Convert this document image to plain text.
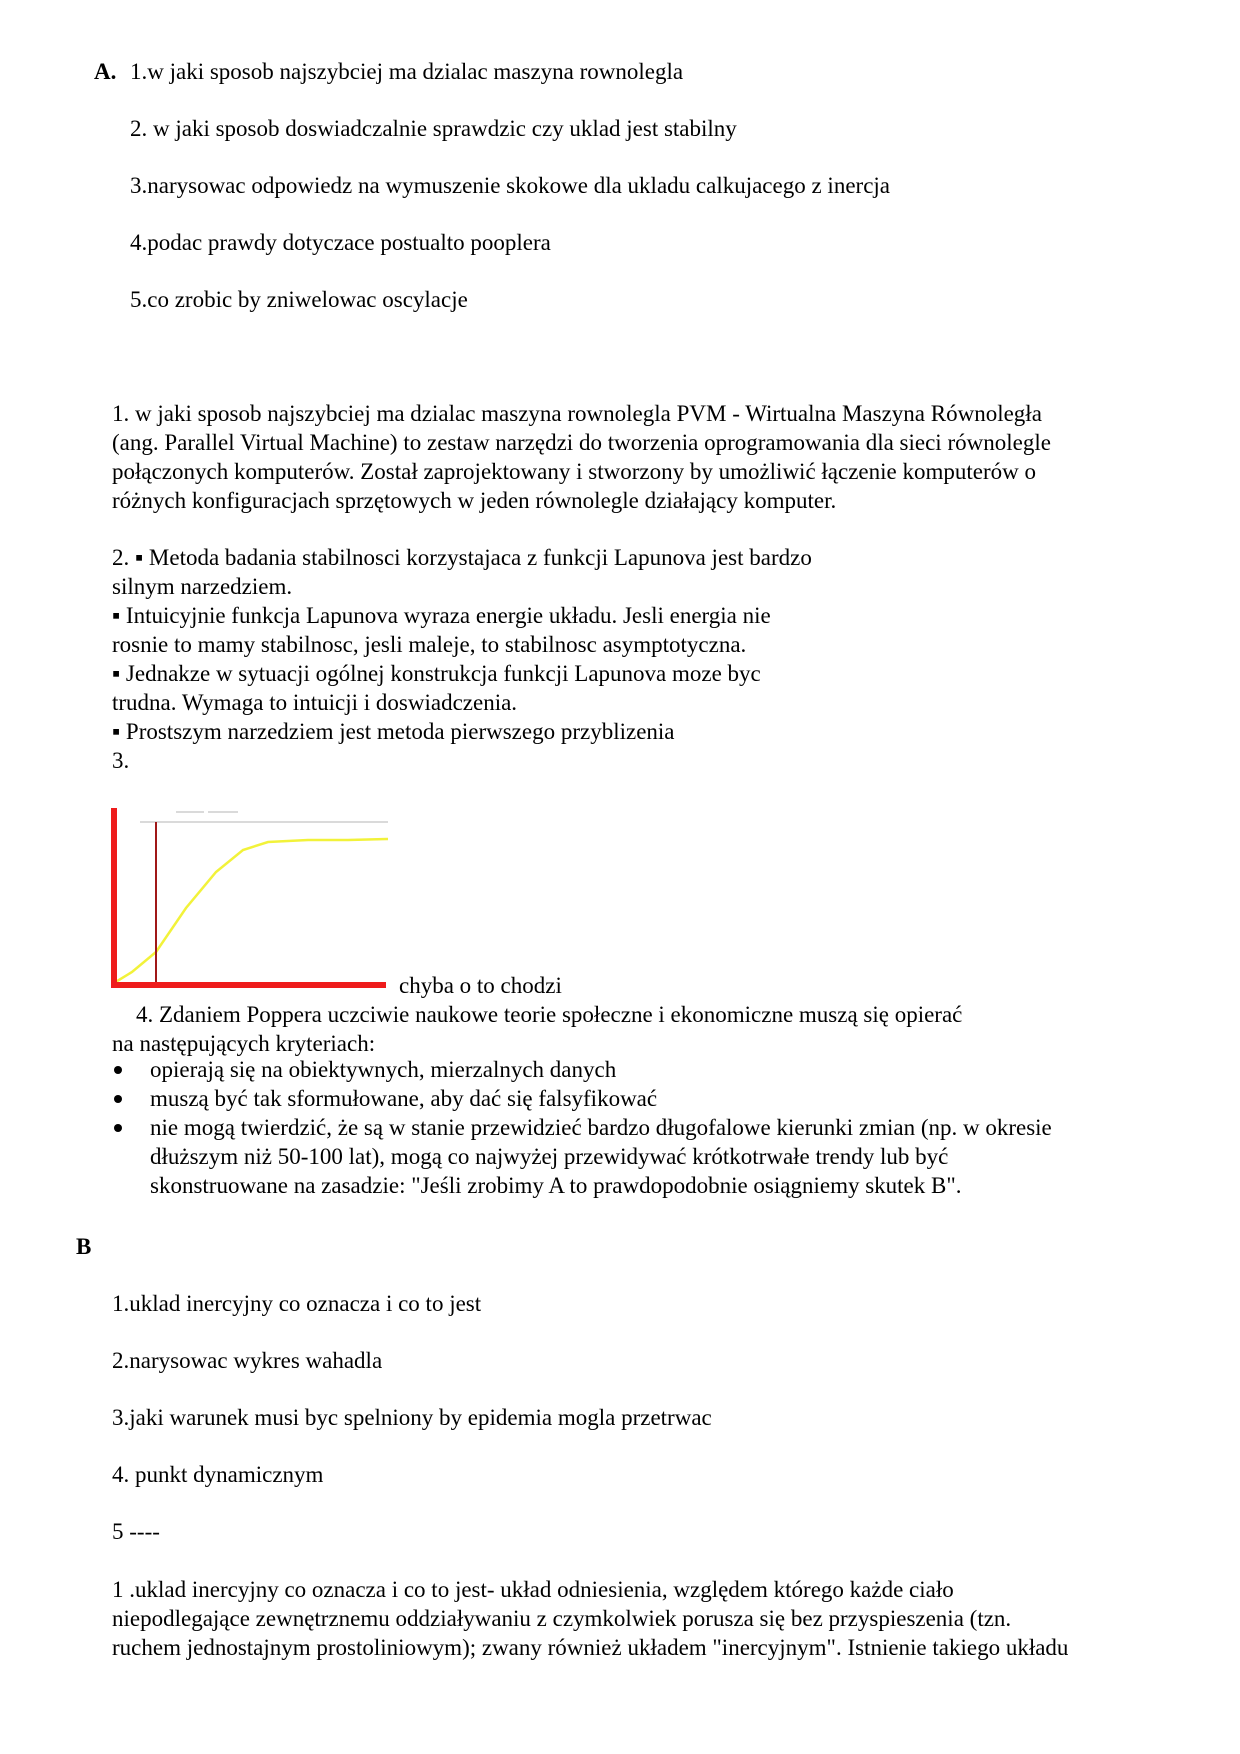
A. 1.w jaki sposob najszybciej ma dzialac maszyna rownolegla
2. w jaki sposob doswiadczalnie sprawdzic czy uklad jest stabilny
3.narysowac odpowiedz na wymuszenie skokowe dla ukladu calkujacego z inercja
4.podac prawdy dotyczace postualto pooplera
5.co zrobic by zniwelowac oscylacje
1. w jaki sposob najszybciej ma dzialac maszyna rownolegla PVM - Wirtualna Maszyna Równoległa
(ang. Parallel Virtual Machine) to zestaw narzędzi do tworzenia oprogramowania dla sieci równolegle
połączonych komputerów. Został zaprojektowany i stworzony by umożliwić łączenie komputerów o
różnych konfiguracjach sprzętowych w jeden równolegle działający komputer.
2. ▪ Metoda badania stabilnosci korzystajaca z funkcji Lapunova jest bardzo
silnym narzedziem.
▪ Intuicyjnie funkcja Lapunova wyraza energie układu. Jesli energia nie
rosnie to mamy stabilnosc, jesli maleje, to stabilnosc asymptotyczna.
▪ Jednakze w sytuacji ogólnej konstrukcja funkcji Lapunova moze byc
trudna. Wymaga to intuicji i doswiadczenia.
▪ Prostszym narzedziem jest metoda pierwszego przyblizenia
3.
chyba o to chodzi
4. Zdaniem Poppera uczciwie naukowe teorie społeczne i ekonomiczne muszą się opierać
na następujących kryteriach:
opierają się na obiektywnych, mierzalnych danych
muszą być tak sformułowane, aby dać się falsyfikować
nie mogą twierdzić, że są w stanie przewidzieć bardzo długofalowe kierunki zmian (np. w okresie
dłuższym niż 50-100 lat), mogą co najwyżej przewidywać krótkotrwałe trendy lub być
skonstruowane na zasadzie: "Jeśli zrobimy A to prawdopodobnie osiągniemy skutek B".
B
1.uklad inercyjny co oznacza i co to jest
2.narysowac wykres wahadla
3.jaki warunek musi byc spelniony by epidemia mogla przetrwac
4. punkt dynamicznym
5 ----
1 .uklad inercyjny co oznacza i co to jest- układ odniesienia, względem którego każde ciało
niepodlegające zewnętrznemu oddziaływaniu z czymkolwiek porusza się bez przyspieszenia (tzn.
ruchem jednostajnym prostoliniowym); zwany również układem "inercyjnym". Istnienie takiego układu
